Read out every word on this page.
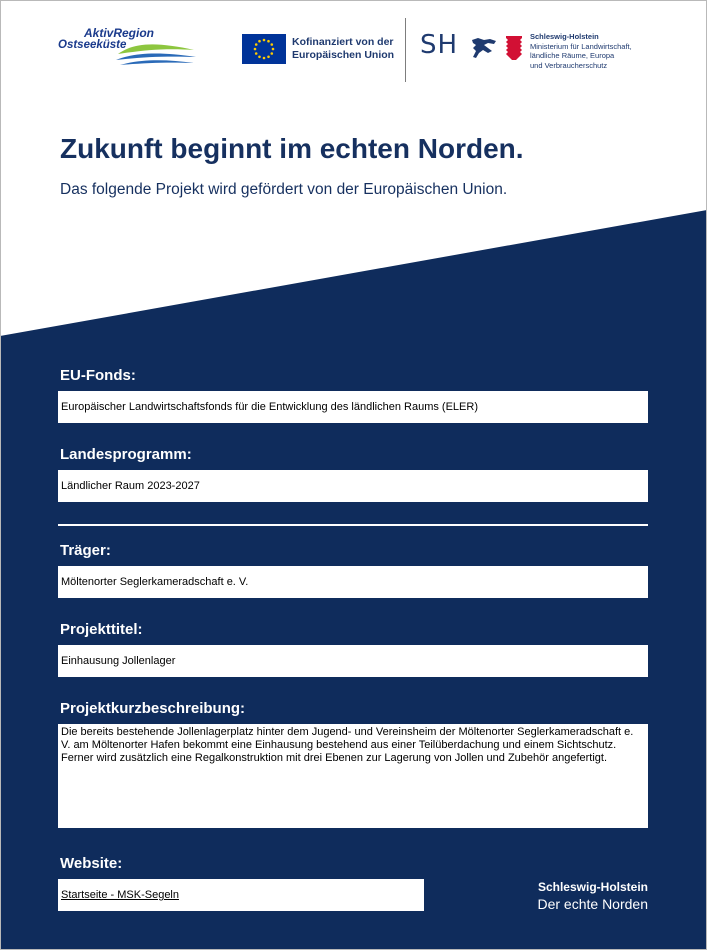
AktivRegion
Ostseeküste	Kofinanziert von der
Europäischen Union SH	Schleswig-Holstein
Ministerium für Landwirtschaft,
ländliche Räume, Europa
und Verbraucherschutz
Zukunft beginnt im echten Norden.

Das folgende Projekt wird gefördert von der Europäischen Union.

EU-Fonds:
Europäischer Landwirtschaftsfonds für die Entwicklung des ländlichen Raums (ELER)
Landesprogramm:
Ländlicher Raum 2023-2027
Träger:
Möltenorter Seglerkameradschaft e. V.
Projekttitel:
Einhausung Jollenlager
Projektkurzbeschreibung:
Die bereits bestehende Jollenlagerplatz hinter dem Jugend- und Vereinsheim der Möltenorter Seglerkameradschaft e. V. am Möltenorter Hafen bekommt eine Einhausung bestehend aus einer Teilüberdachung und einem Sichtschutz. Ferner wird zusätzlich eine Regalkonstruktion mit drei Ebenen zur Lagerung von Jollen und Zubehör angefertigt.
Website:
Startseite - MSK-Segeln
Schleswig-Holstein
Der echte Norden
